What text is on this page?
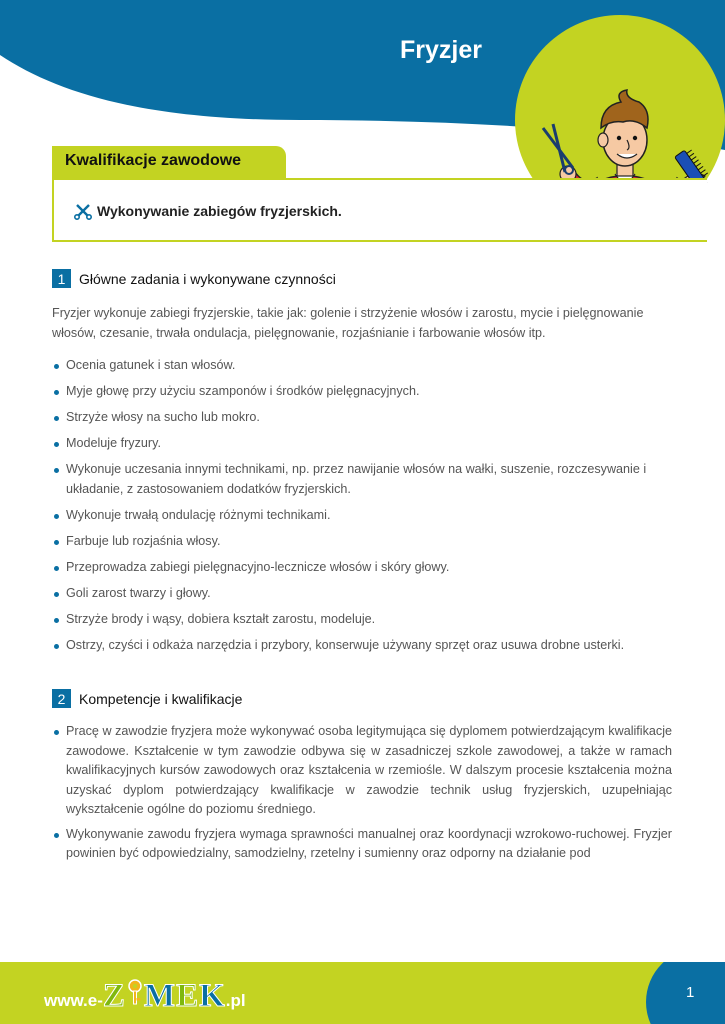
Fryzjer
Wykonywanie zabiegów fryzjerskich.
Kwalifikacje zawodowe
1 Główne zadania i wykonywane czynności
Fryzjer wykonuje zabiegi fryzjerskie, takie jak: golenie i strzyżenie włosów i zarostu, mycie i pielęgnowanie włosów, czesanie, trwała ondulacja, pielęgnowanie, rozjaśnianie i farbowanie włosów itp.
Ocenia gatunek i stan włosów.
Myje głowę przy użyciu szamponów i środków pielęgnacyjnych.
Strzyże włosy na sucho lub mokro.
Modeluje fryzury.
Wykonuje uczesania innymi technikami, np. przez nawijanie włosów na wałki, suszenie, rozczesywanie i układanie, z zastosowaniem dodatków fryzjerskich.
Wykonuje trwałą ondulację różnymi technikami.
Farbuje lub rozjaśnia włosy.
Przeprowadza zabiegi pielęgnacyjno-lecznicze włosów i skóry głowy.
Goli zarost twarzy i głowy.
Strzyże brody i wąsy, dobiera kształt zarostu, modeluje.
Ostrzy, czyści i odkaża narzędzia i przybory, konserwuje używany sprzęt oraz usuwa drobne usterki.
2 Kompetencje i kwalifikacje
Pracę w zawodzie fryzjera może wykonywać osoba legitymująca się dyplomem potwierdzającym kwalifikacje zawodowe. Kształcenie w tym zawodzie odbywa się w zasadniczej szkole zawodowej, a także w ramach kwalifikacyjnych kursów zawodowych oraz kształcenia w rzemiośle. W dalszym procesie kształcenia można uzyskać dyplom potwierdzający kwalifikacje w zawodzie technik usług fryzjerskich, uzupełniając wykształcenie ogólne do poziomu średniego.
Wykonywanie zawodu fryzjera wymaga sprawności manualnej oraz koordynacji wzrokowo-ruchowej. Fryzjer powinien być odpowiedzialny, samodzielny, rzetelny i sumienny oraz odporny na działanie pod
www.e- Z MEK .pl	1
